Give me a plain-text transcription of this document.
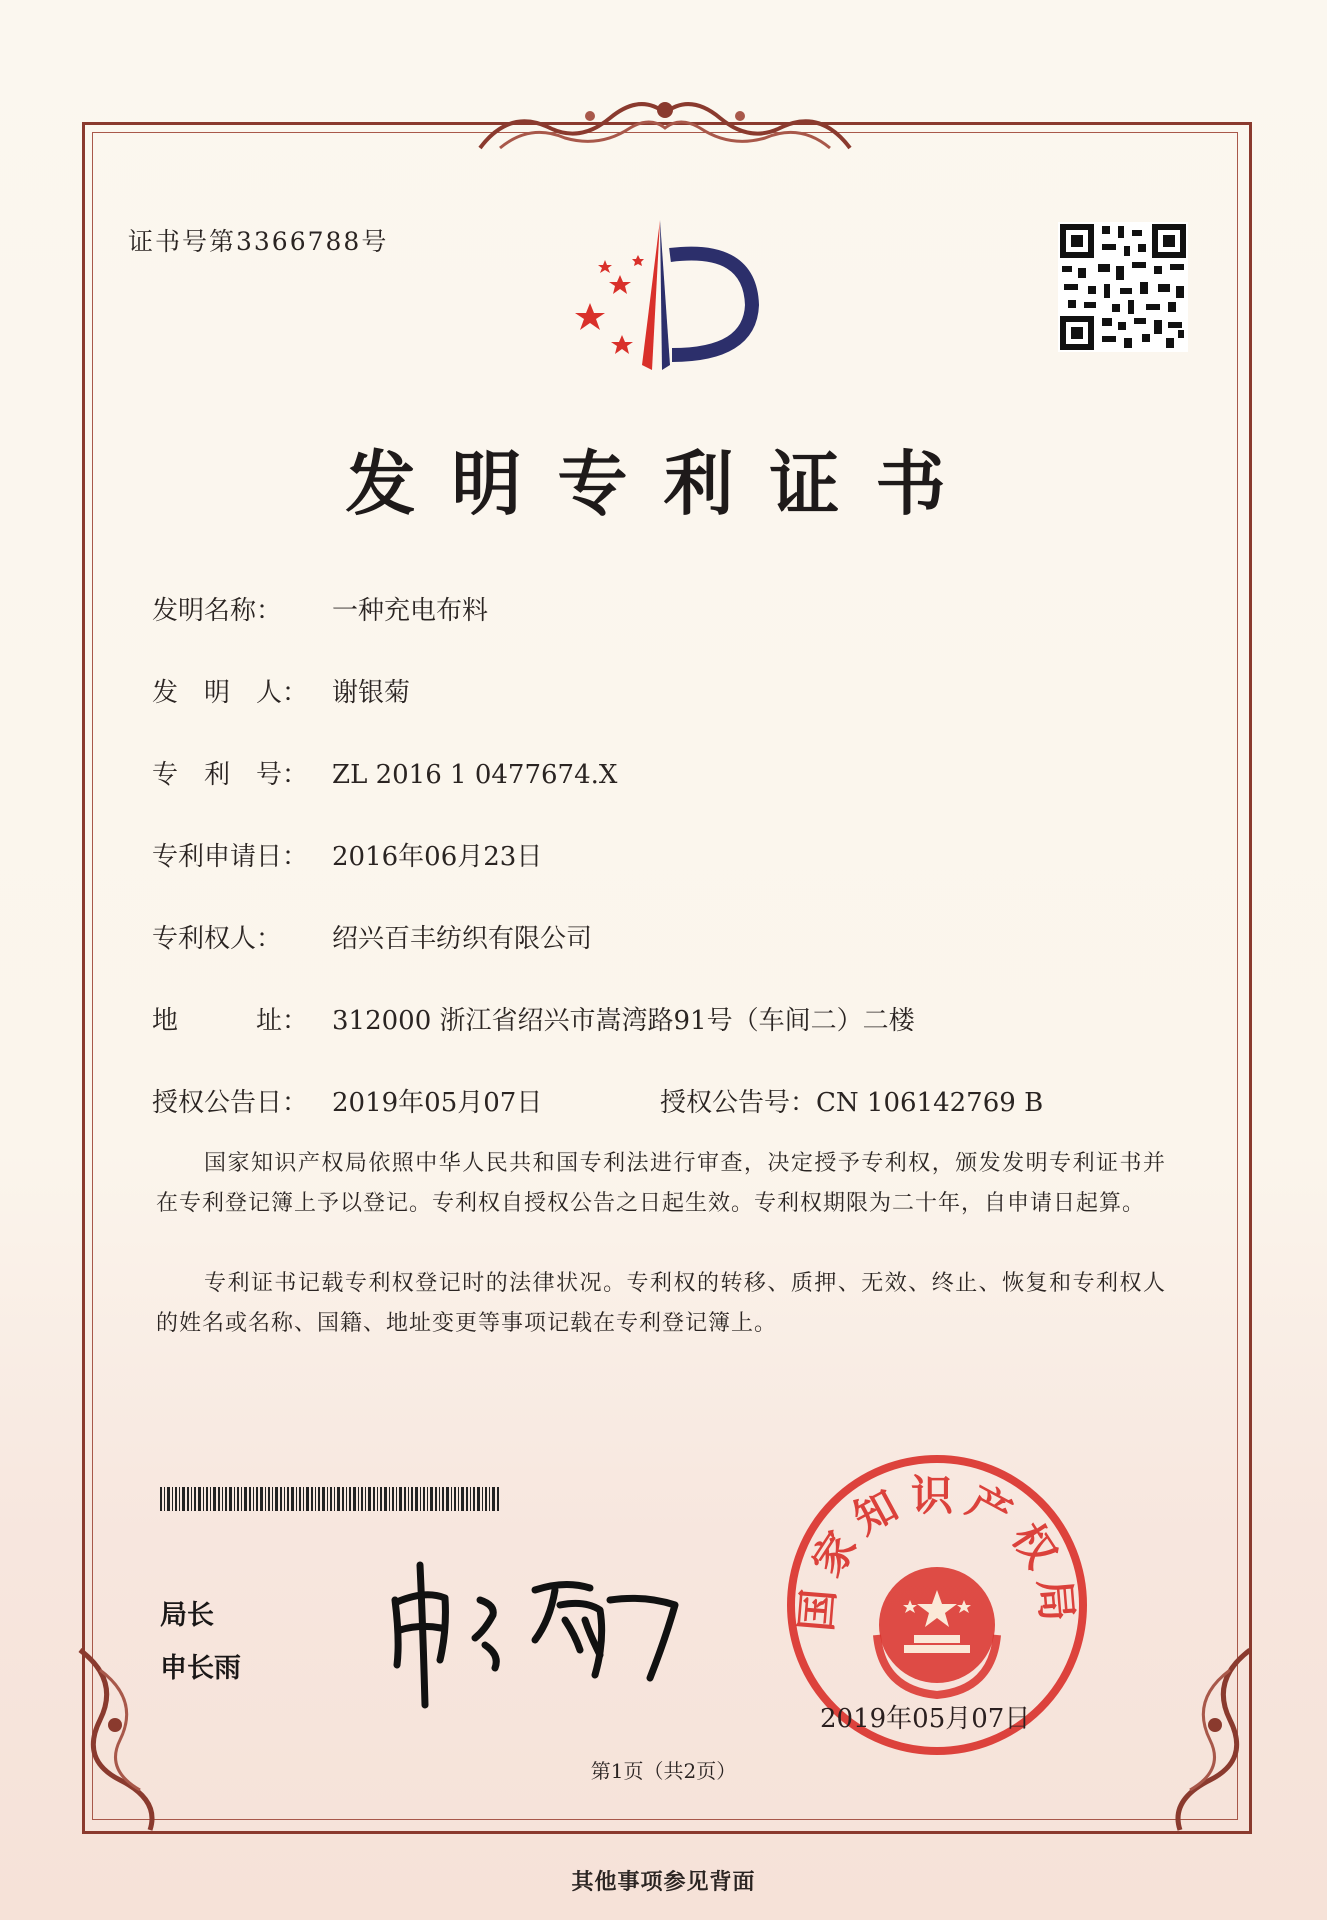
证书号第3366788号
发明专利证书
发明名称： 一种充电布料
发　明　人： 谢银菊
专　利　号： ZL 2016 1 0477674.X
专利申请日： 2016年06月23日
专利权人： 绍兴百丰纺织有限公司
地　　　址： 312000 浙江省绍兴市嵩湾路91号（车间二）二楼
授权公告日： 2019年05月07日	授权公告号：CN 106142769 B
国家知识产权局依照中华人民共和国专利法进行审查，决定授予专利权，颁发发明专利证书并在专利登记簿上予以登记。专利权自授权公告之日起生效。专利权期限为二十年，自申请日起算。
专利证书记载专利权登记时的法律状况。专利权的转移、质押、无效、终止、恢复和专利权人的姓名或名称、国籍、地址变更等事项记载在专利登记簿上。
局长
申长雨
国家知识产权局
2019年05月07日
第1页（共2页）
其他事项参见背面
